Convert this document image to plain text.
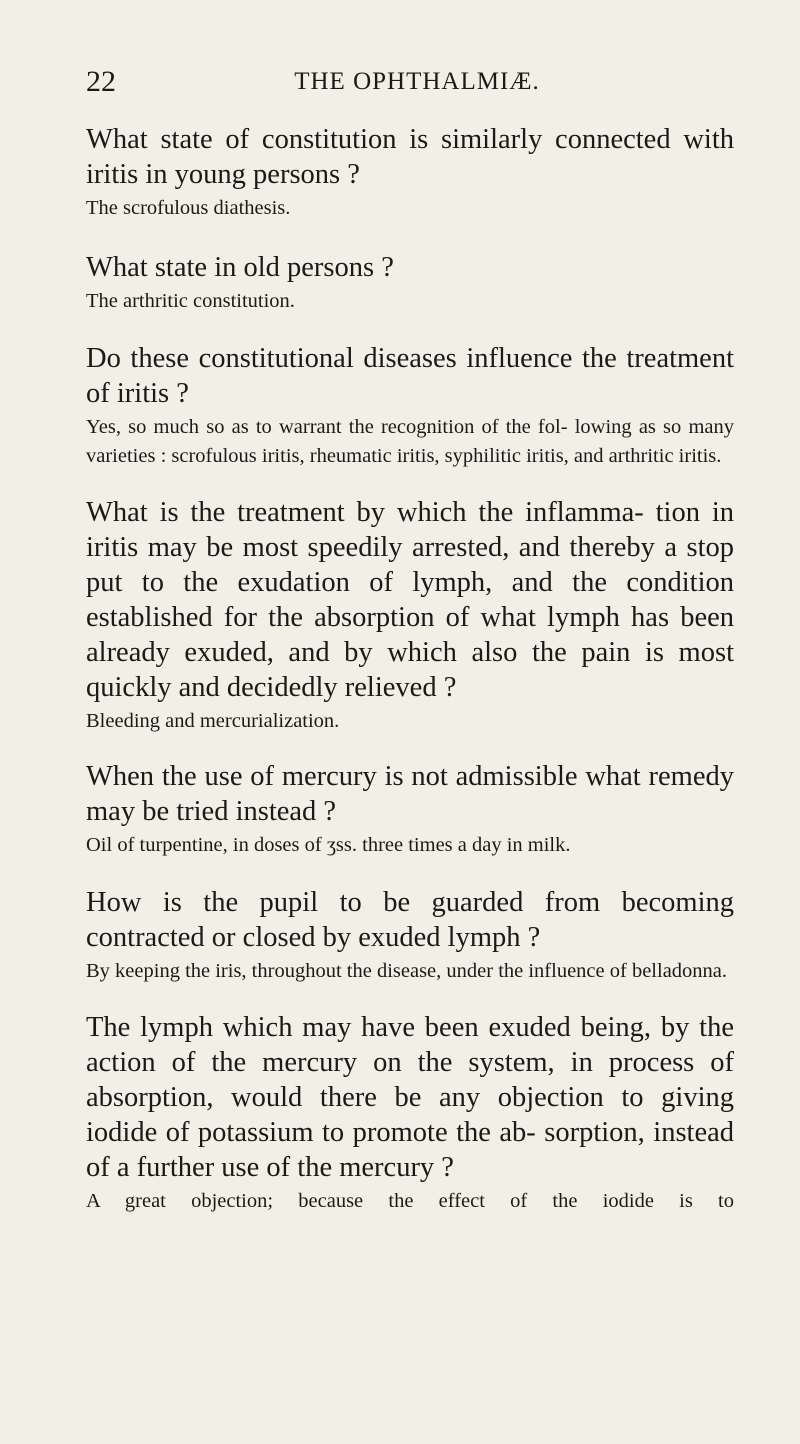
22	THE OPHTHALMIÆ.

What state of constitution is similarly connected with iritis in young persons ?

The scrofulous diathesis.

What state in old persons ?

The arthritic constitution.

Do these constitutional diseases influence the treatment of iritis ?

Yes, so much so as to warrant the recognition of the fol- lowing as so many varieties : scrofulous iritis, rheumatic iritis, syphilitic iritis, and arthritic iritis.

What is the treatment by which the inflamma- tion in iritis may be most speedily arrested, and thereby a stop put to the exudation of lymph, and the condition established for the absorption of what lymph has been already exuded, and by which also the pain is most quickly and decidedly relieved ?

Bleeding and mercurialization.

When the use of mercury is not admissible what remedy may be tried instead ?

Oil of turpentine, in doses of ʒss. three times a day in milk.

How is the pupil to be guarded from becoming contracted or closed by exuded lymph ?

By keeping the iris, throughout the disease, under the influence of belladonna.

The lymph which may have been exuded being, by the action of the mercury on the system, in process of absorption, would there be any objection to giving iodide of potassium to promote the ab- sorption, instead of a further use of the mercury ?

A great objection; because the effect of the iodide is to
